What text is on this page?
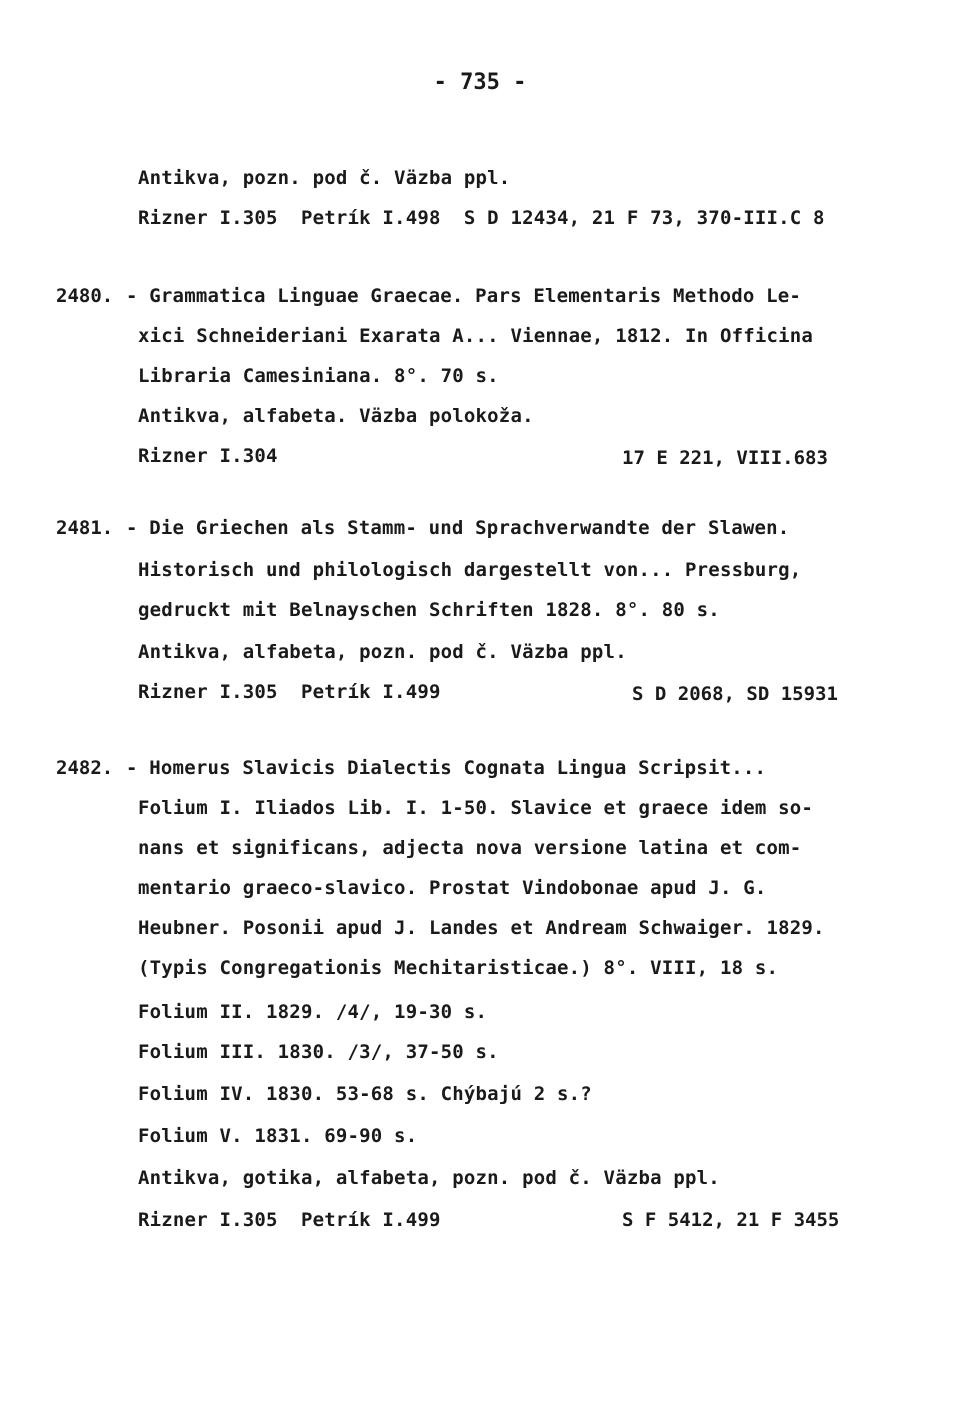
- 735 -
Antikva, pozn. pod č. Väzba ppl.
Rizner I.305  Petrík I.498  S D 12434, 21 F 73, 370-III.C 8
2480. - Grammatica Linguae Graecae. Pars Elementaris Methodo Le-
xici Schneideriani Exarata A... Viennae, 1812. In Officina
Libraria Camesiniana. 8°. 70 s.
Antikva, alfabeta. Väzba polokoža.
Rizner I.304	17 E 221, VIII.683
2481. - Die Griechen als Stamm- und Sprachverwandte der Slawen.
Historisch und philologisch dargestellt von... Pressburg,
gedruckt mit Belnayschen Schriften 1828. 8°. 80 s.
Antikva, alfabeta, pozn. pod č. Väzba ppl.
Rizner I.305  Petrík I.499	S D 2068, SD 15931
2482. - Homerus Slavicis Dialectis Cognata Lingua Scripsit...
Folium I. Iliados Lib. I. 1-50. Slavice et graece idem so-
nans et significans, adjecta nova versione latina et com-
mentario graeco-slavico. Prostat Vindobonae apud J. G.
Heubner. Posonii apud J. Landes et Andream Schwaiger. 1829.
(Typis Congregationis Mechitaristicae.) 8°. VIII, 18 s.
Folium II. 1829. /4/, 19-30 s.
Folium III. 1830. /3/, 37-50 s.
Folium IV. 1830. 53-68 s. Chýbajú 2 s.?
Folium V. 1831. 69-90 s.
Antikva, gotika, alfabeta, pozn. pod č. Väzba ppl.
Rizner I.305  Petrík I.499	S F 5412, 21 F 3455
